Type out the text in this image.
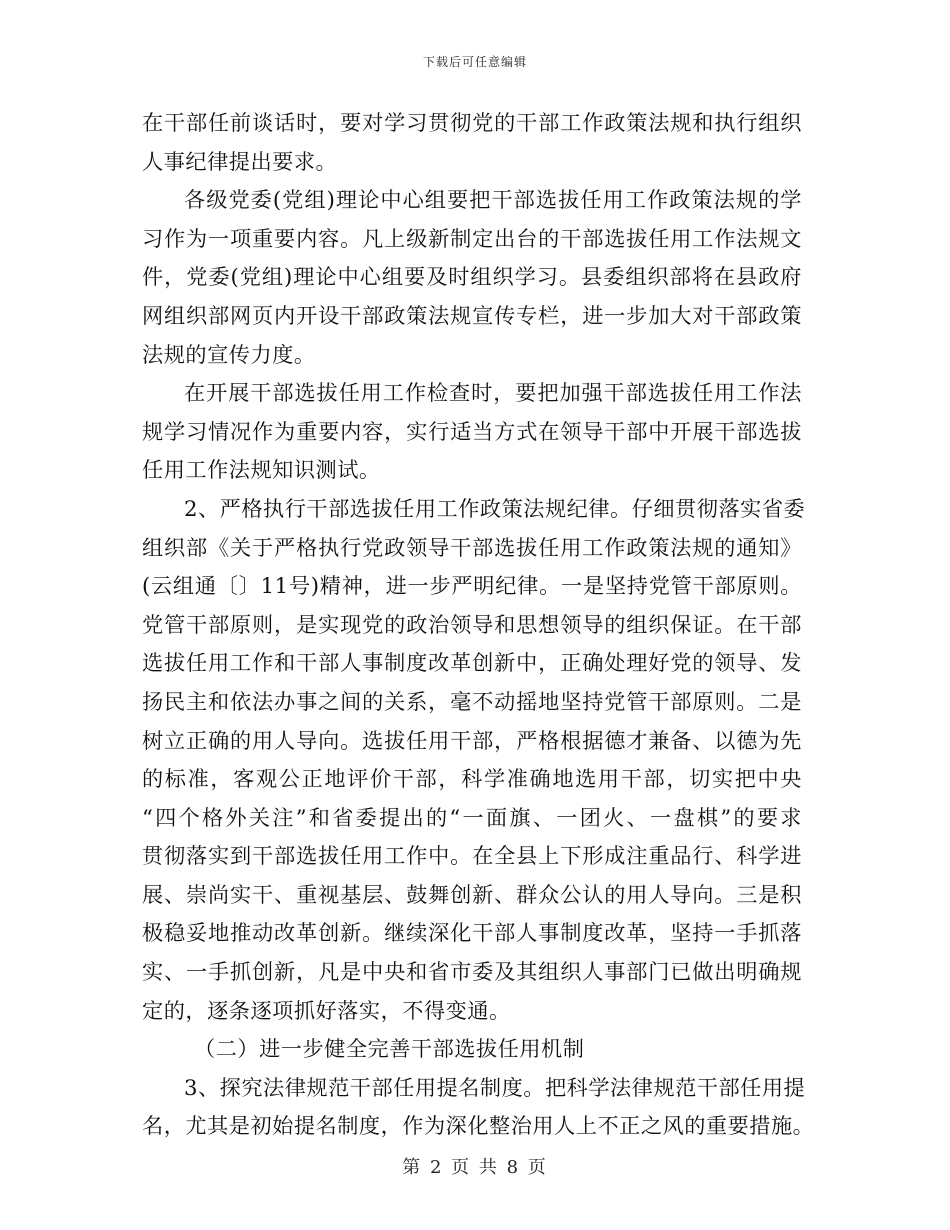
下载后可任意编辑
在干部任前谈话时，要对学习贯彻党的干部工作政策法规和执行组织
人事纪律提出要求。
各级党委(党组)理论中心组要把干部选拔任用工作政策法规的学
习作为一项重要内容。凡上级新制定出台的干部选拔任用工作法规文
件，党委(党组)理论中心组要及时组织学习。县委组织部将在县政府
网组织部网页内开设干部政策法规宣传专栏，进一步加大对干部政策
法规的宣传力度。
在开展干部选拔任用工作检查时，要把加强干部选拔任用工作法
规学习情况作为重要内容，实行适当方式在领导干部中开展干部选拔
任用工作法规知识测试。
2、严格执行干部选拔任用工作政策法规纪律。仔细贯彻落实省委
组织部《关于严格执行党政领导干部选拔任用工作政策法规的通知》
(云组通〔〕11号)精神，进一步严明纪律。一是坚持党管干部原则。
党管干部原则，是实现党的政治领导和思想领导的组织保证。在干部
选拔任用工作和干部人事制度改革创新中，正确处理好党的领导、发
扬民主和依法办事之间的关系，毫不动摇地坚持党管干部原则。二是
树立正确的用人导向。选拔任用干部，严格根据德才兼备、以德为先
的标准，客观公正地评价干部，科学准确地选用干部，切实把中央
“四个格外关注”和省委提出的“一面旗、一团火、一盘棋”的要求
贯彻落实到干部选拔任用工作中。在全县上下形成注重品行、科学进
展、崇尚实干、重视基层、鼓舞创新、群众公认的用人导向。三是积
极稳妥地推动改革创新。继续深化干部人事制度改革，坚持一手抓落
实、一手抓创新，凡是中央和省市委及其组织人事部门已做出明确规
定的，逐条逐项抓好落实，不得变通。
（二）进一步健全完善干部选拔任用机制
3、探究法律规范干部任用提名制度。把科学法律规范干部任用提
名，尤其是初始提名制度，作为深化整治用人上不正之风的重要措施。
第 2 页 共 8 页
